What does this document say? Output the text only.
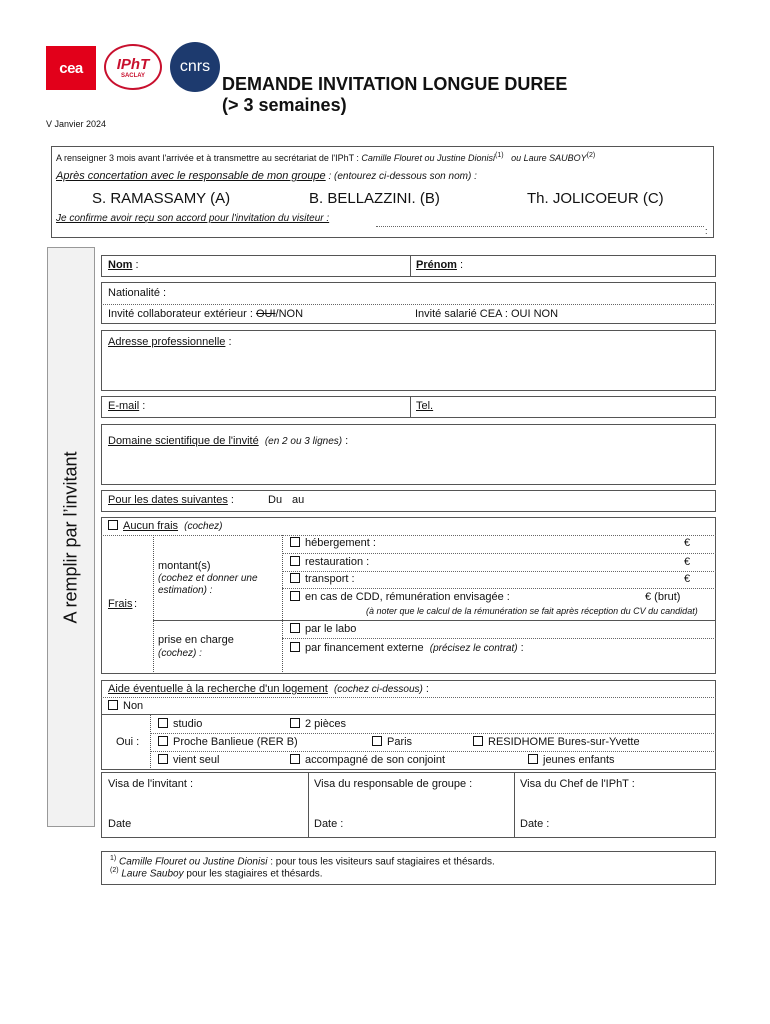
cea IPhT
SACLAY
cnrs
DEMANDE INVITATION LONGUE DUREE
(> 3 semaines)
V Janvier 2024
A renseigner 3 mois avant l'arrivée et à transmettre au secrétariat de l'IPhT : Camille Flouret ou Justine Dionisi$^{(1)}$ ou Laure SAUBOY$^{(2)}$
Après concertation avec le responsable de mon groupe : (entourez ci-dessous son nom) :
S. RAMASSAMY (A)	B. BELLAZZINI. (B)	Th. JOLICOEUR (C)
Je confirme avoir reçu son accord pour l'invitation du visiteur :
:
A remplir par l’invitant
Nom :	Prénom :
Nationalité :
Invité collaborateur extérieur : OUI/NON	Invité salarié CEA : OUI NON
Adresse professionnelle :
E-mail :	Tel.
Domaine scientifique de l'invité (en 2 ou 3 lignes) :
Pour les dates suivantes :	Du au
Aucun frais (cochez)
Frais :
montant(s)
(cochez et donner une estimation) :
hébergement :	€
restauration :	€
transport :	€
en cas de CDD, rémunération envisagée :	€ (brut)
(à noter que le calcul de la rémunération se fait après réception du CV du candidat)
prise en charge
(cochez) :
par le labo
par financement externe (précisez le contrat) :
Aide éventuelle à la recherche d'un logement (cochez ci-dessous) :
Non
Oui :
studio	2 pièces
Proche Banlieue (RER B)	Paris	RESIDHOME Bures-sur-Yvette
vient seul	accompagné de son conjoint	jeunes enfants
Visa de l'invitant :	Visa du responsable de groupe :	Visa du Chef de l'IPhT :
Date	Date :	Date :
$^{1)}$ Camille Flouret ou Justine Dionisi : pour tous les visiteurs sauf stagiaires et thésards.
$^{(2)}$ Laure Sauboy pour les stagiaires et thésards.
